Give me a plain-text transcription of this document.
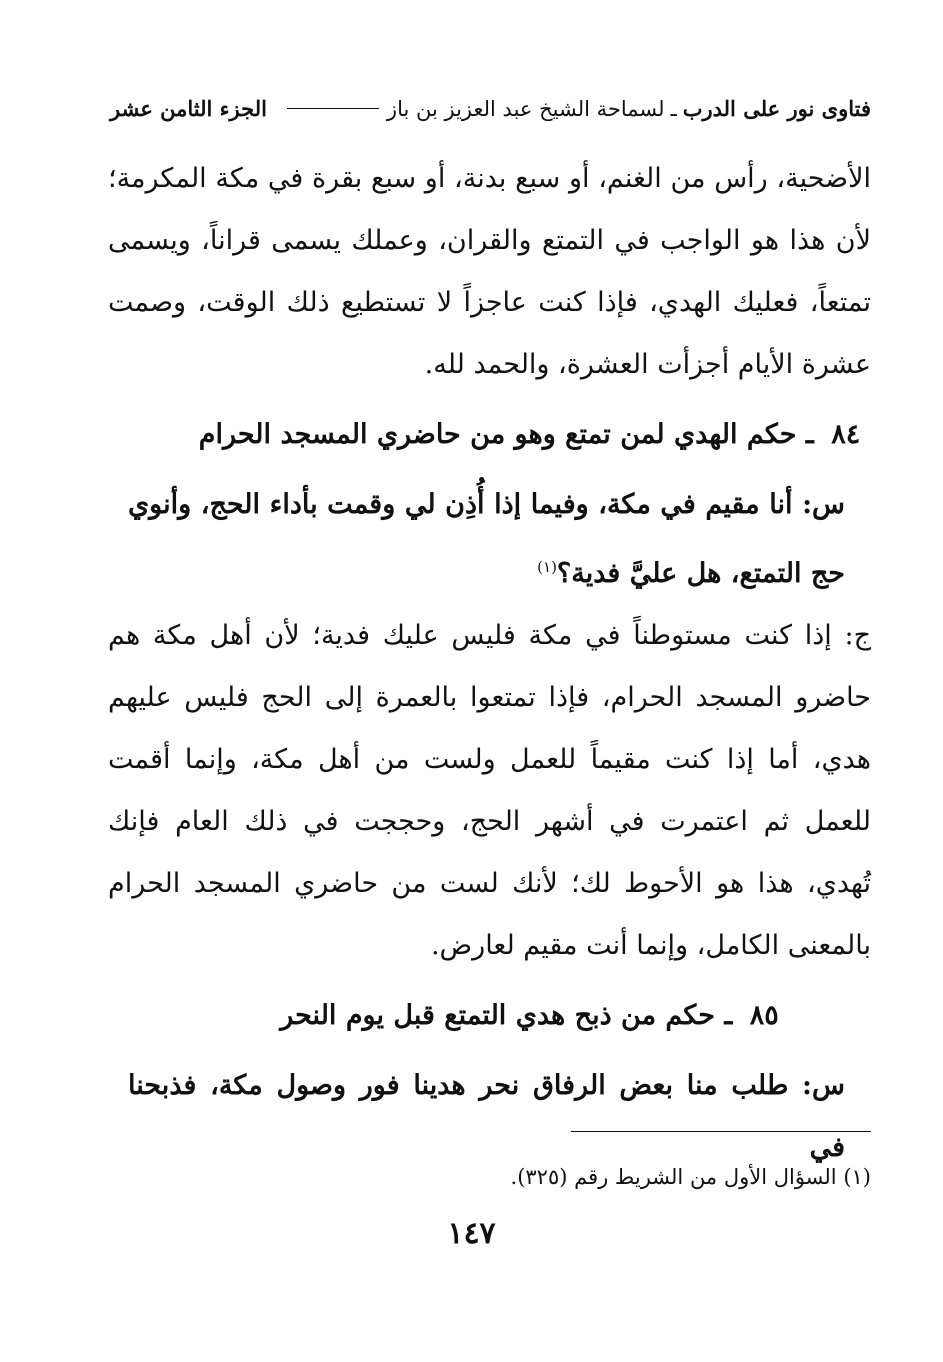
فتاوى نور على الدرب
ـ
لسماحة الشيخ عبد العزيز بن باز
الجزء الثامن عشر

الأضحية، رأس من الغنم، أو سبع بدنة، أو سبع بقرة في مكة المكرمة؛ لأن هذا هو الواجب في التمتع والقران، وعملك يسمى قراناً، ويسمى تمتعاً، فعليك الهدي، فإذا كنت عاجزاً لا تستطيع ذلك الوقت، وصمت عشرة الأيام أجزأت العشرة، والحمد لله.

٨٤ ـ حكم الهدي لمن تمتع وهو من حاضري المسجد الحرام

س: أنا مقيم في مكة، وفيما إذا أُذِن لي وقمت بأداء الحج، وأنوي حج التمتع، هل عليَّ فدية؟$^{(١)}$

ج: إذا كنت مستوطناً في مكة فليس عليك فدية؛ لأن أهل مكة هم حاضرو المسجد الحرام، فإذا تمتعوا بالعمرة إلى الحج فليس عليهم هدي، أما إذا كنت مقيماً للعمل ولست من أهل مكة، وإنما أقمت للعمل ثم اعتمرت في أشهر الحج، وحججت في ذلك العام فإنك تُهدي، هذا هو الأحوط لك؛ لأنك لست من حاضري المسجد الحرام بالمعنى الكامل، وإنما أنت مقيم لعارض.

٨٥ ـ حكم من ذبح هدي التمتع قبل يوم النحر

س: طلب منا بعض الرفاق نحر هدينا فور وصول مكة، فذبحنا في

(١) السؤال الأول من الشريط رقم (٣٢٥).
١٤٧
